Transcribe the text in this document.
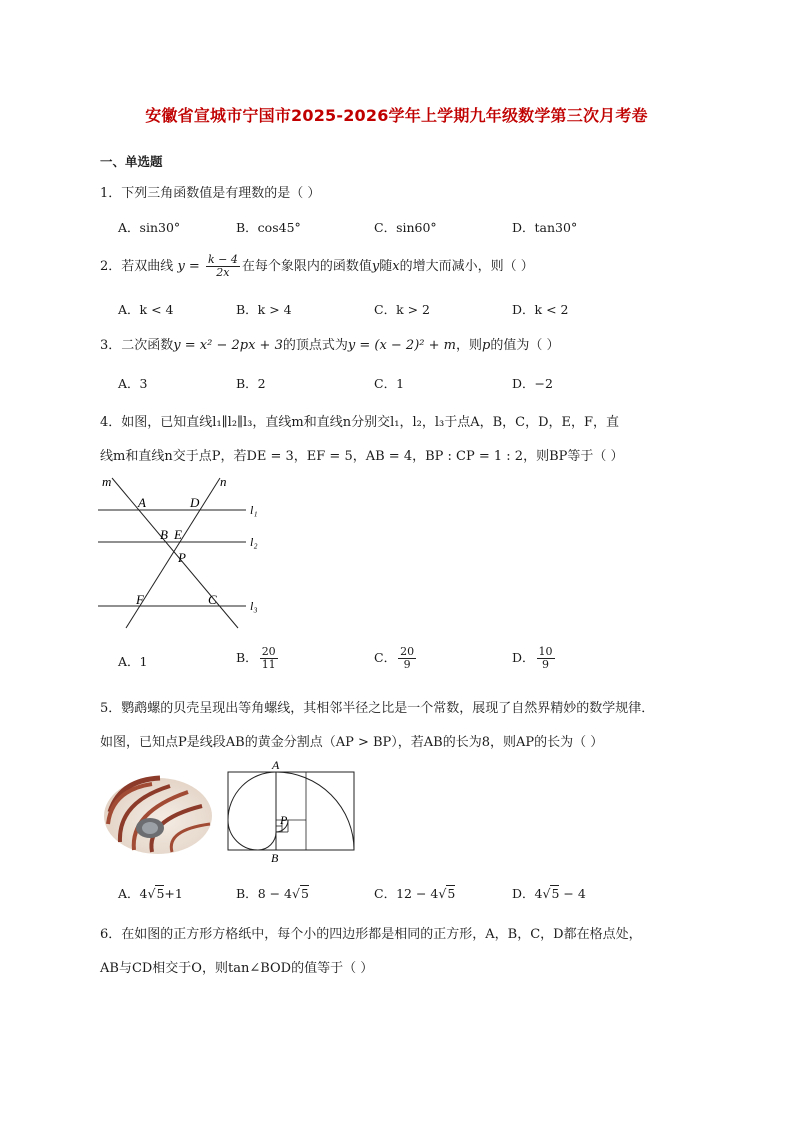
安徽省宣城市宁国市2025-2026学年上学期九年级数学第三次月考卷
一、单选题
1．下列三角函数值是有理数的是（ ）
A．sin30°	B．cos45°	C．sin60°	D．tan30°
2．若双曲线 $y = \frac{k - 4}{2x}$ 在每个象限内的函数值y随x的增大而减小，则（ ）
A．k < 4	B．k > 4	C．k > 2	D．k < 2
3．二次函数y = x² − 2px + 3的顶点式为y = (x − 2)² + m，则p的值为（ ）
A．3	B．2	C．1	D．−2
4．如图，已知直线l₁∥l₂∥l₃，直线m和直线n分别交l₁，l₂，l₃于点A，B，C，D，E，F，直
线m和直线n交于点P，若DE = 3，EF = 5，AB = 4，BP : CP = 1 : 2，则BP等于（ ）
m	n
A	D
B E
P
F	C
l₁
l₂
l₃
A．1	B． $\frac{20}{11}$	C． $\frac{20}{9}$	D． $\frac{10}{9}$
5．鹦鹉螺的贝壳呈现出等角螺线，其相邻半径之比是一个常数，展现了自然界精妙的数学规律．
如图，已知点P是线段AB的黄金分割点（AP > BP），若AB的长为8，则AP的长为（ ）
A
P
B
A．4√5+1	B．8 − 4√5	C．12 − 4√5	D．4√5 − 4
6．在如图的正方形方格纸中，每个小的四边形都是相同的正方形，A，B，C，D都在格点处，
AB与CD相交于O，则tan∠BOD的值等于（ ）
